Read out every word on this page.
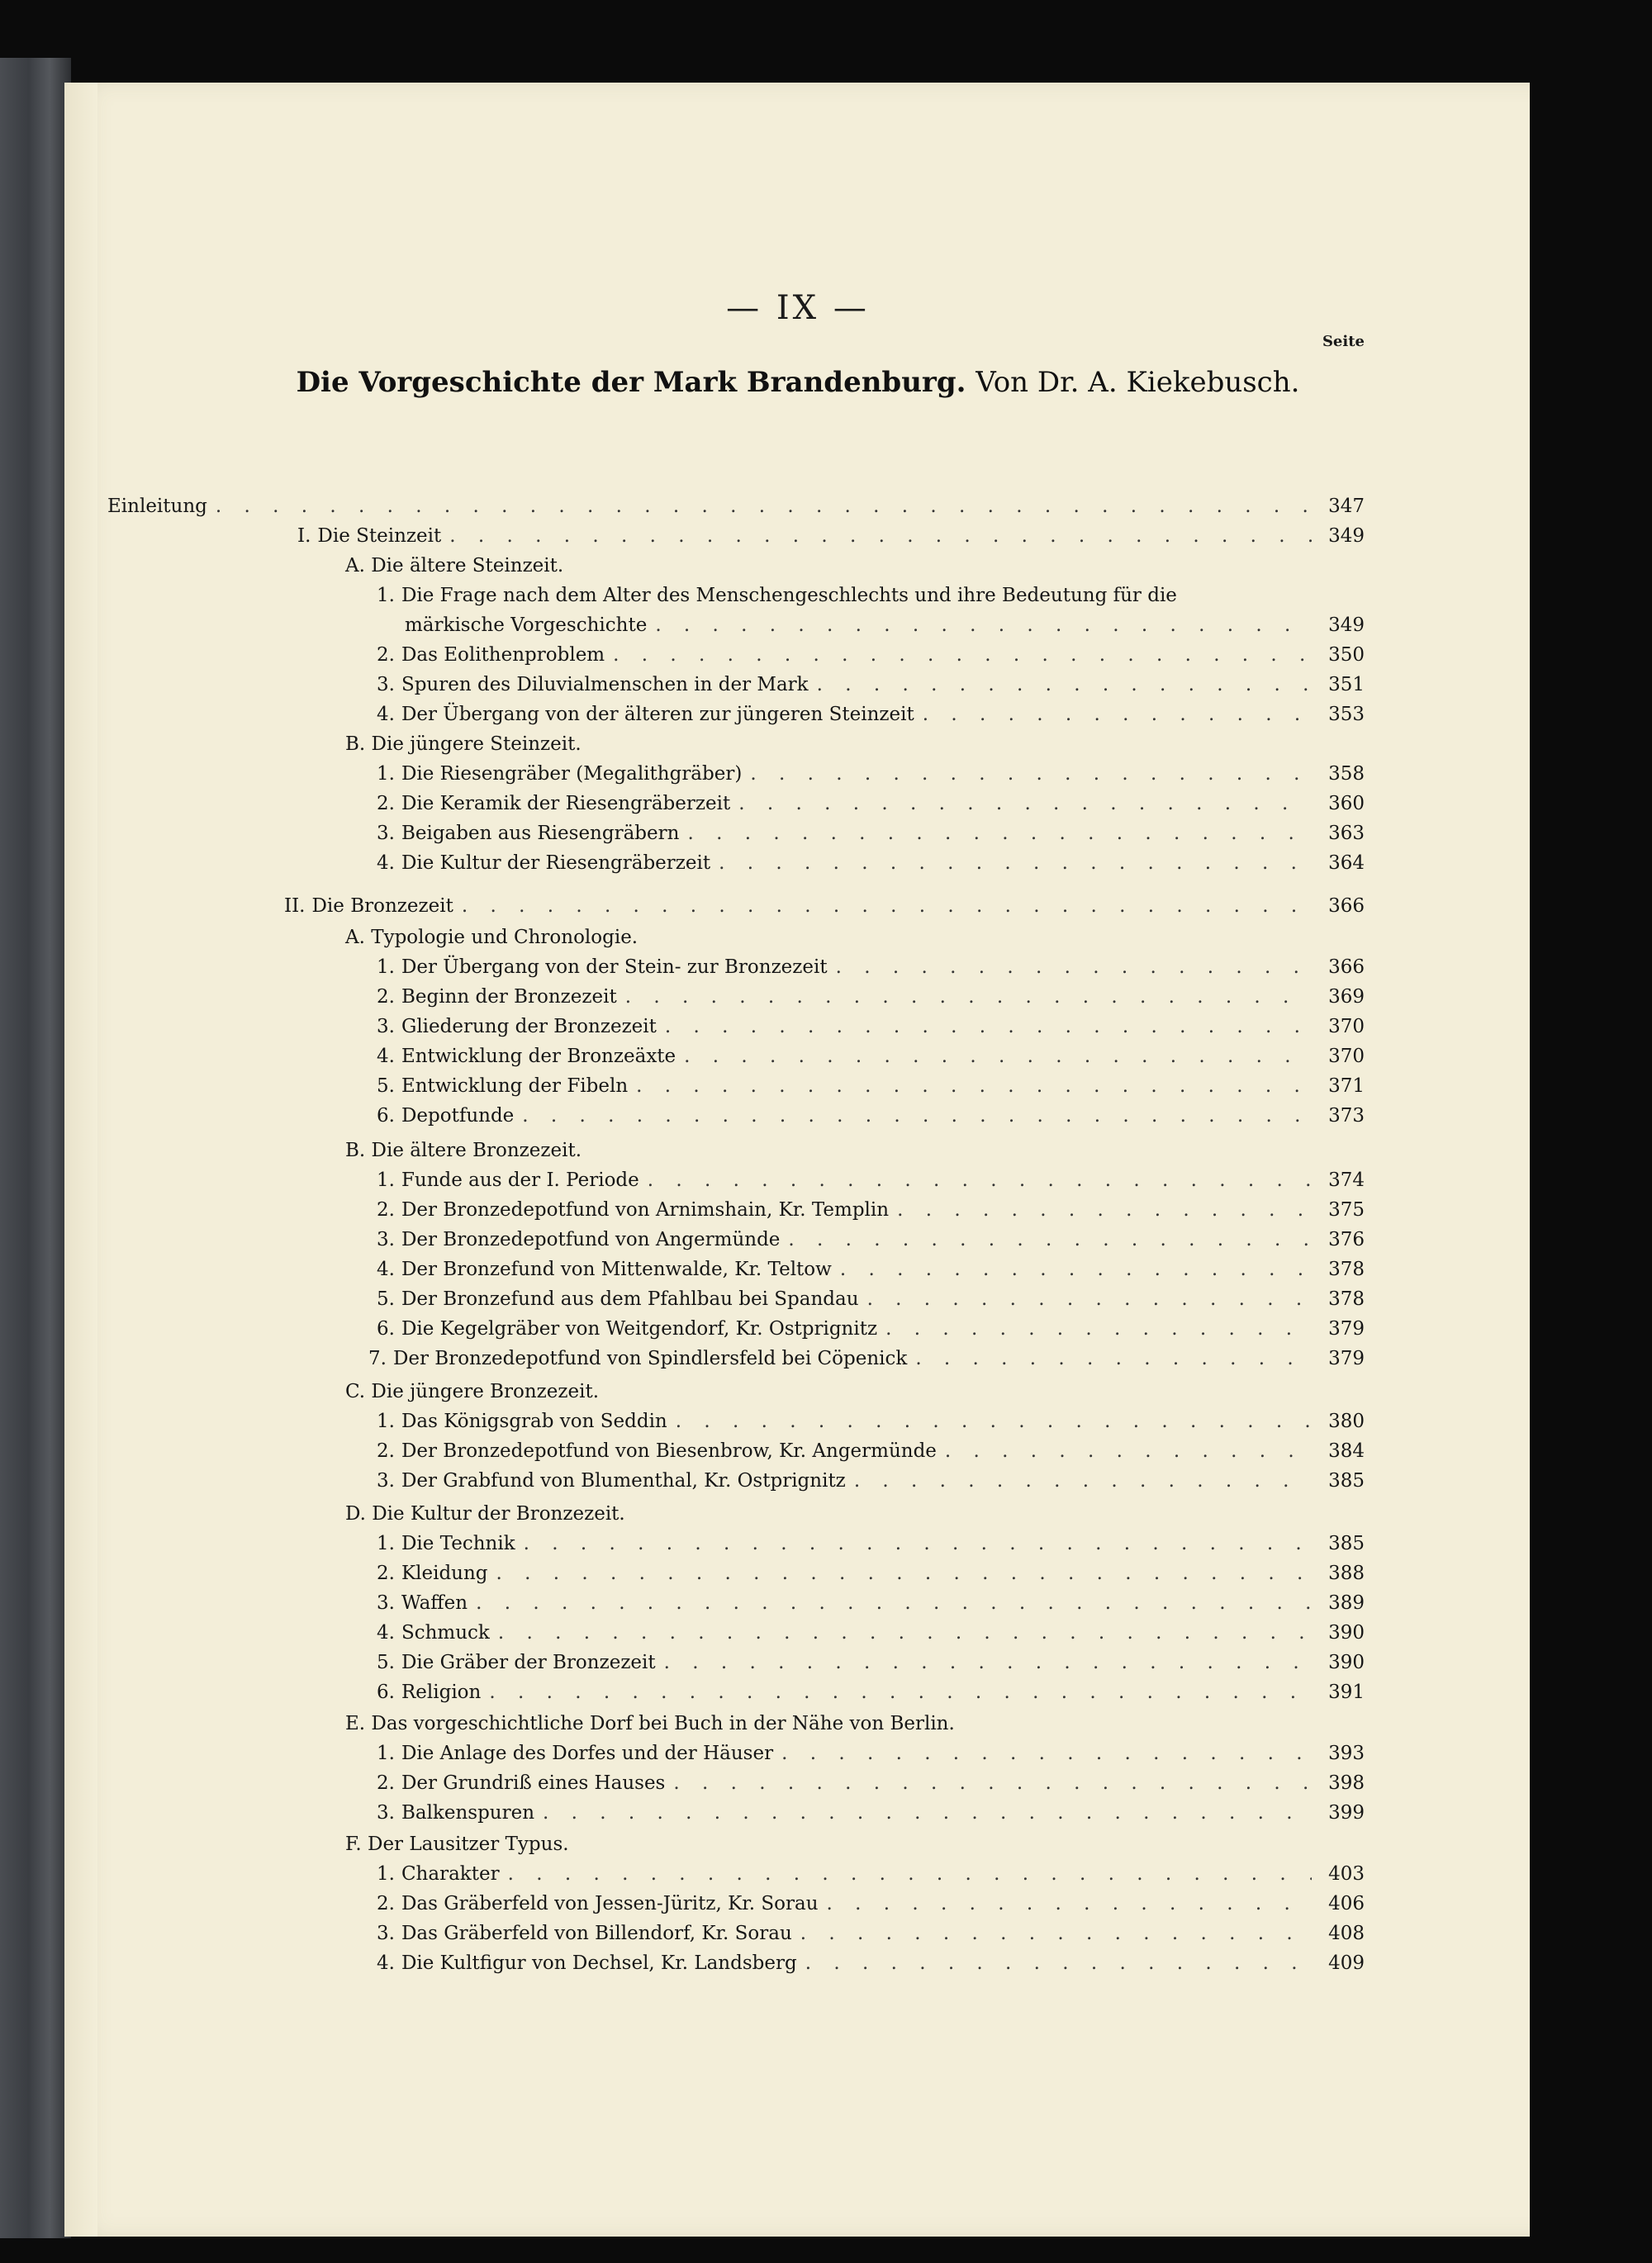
— IX —
Seite
Die Vorgeschichte der Mark Brandenburg. Von Dr. A. Kiekebusch.
Einleitung . . .	347
I. Die Steinzeit . . .	349
A. Die ältere Steinzeit.
1. Die Frage nach dem Alter des Menschengeschlechts und ihre Bedeutung für die
märkische Vorgeschichte . . .	349
2. Das Eolithenproblem . . .	350
3. Spuren des Diluvialmenschen in der Mark . . .	351
4. Der Übergang von der älteren zur jüngeren Steinzeit . . .	353
B. Die jüngere Steinzeit.
1. Die Riesengräber (Megalithgräber) . . .	358
2. Die Keramik der Riesengräberzeit . . .	360
3. Beigaben aus Riesengräbern . . .	363
4. Die Kultur der Riesengräberzeit . . .	364
II. Die Bronzezeit . . .	366
A. Typologie und Chronologie.
1. Der Übergang von der Stein- zur Bronzezeit . . .	366
2. Beginn der Bronzezeit . . .	369
3. Gliederung der Bronzezeit . . .	370
4. Entwicklung der Bronzeäxte . . .	370
5. Entwicklung der Fibeln . . .	371
6. Depotfunde . . .	373
B. Die ältere Bronzezeit.
1. Funde aus der I. Periode . . .	374
2. Der Bronzedepotfund von Arnimshain, Kr. Templin . . .	375
3. Der Bronzedepotfund von Angermünde . . .	376
4. Der Bronzefund von Mittenwalde, Kr. Teltow . . .	378
5. Der Bronzefund aus dem Pfahlbau bei Spandau . . .	378
6. Die Kegelgräber von Weitgendorf, Kr. Ostprignitz . . .	379
7. Der Bronzedepotfund von Spindlersfeld bei Cöpenick . . .	379
C. Die jüngere Bronzezeit.
1. Das Königsgrab von Seddin . . .	380
2. Der Bronzedepotfund von Biesenbrow, Kr. Angermünde . . .	384
3. Der Grabfund von Blumenthal, Kr. Ostprignitz . . .	385
D. Die Kultur der Bronzezeit.
1. Die Technik . . .	385
2. Kleidung . . .	388
3. Waffen . . .	389
4. Schmuck . . .	390
5. Die Gräber der Bronzezeit . . .	390
6. Religion . . .	391
E. Das vorgeschichtliche Dorf bei Buch in der Nähe von Berlin.
1. Die Anlage des Dorfes und der Häuser . . .	393
2. Der Grundriß eines Hauses . . .	398
3. Balkenspuren . . .	399
F. Der Lausitzer Typus.
1. Charakter . . .	403
2. Das Gräberfeld von Jessen-Jüritz, Kr. Sorau . . .	406
3. Das Gräberfeld von Billendorf, Kr. Sorau . . .	408
4. Die Kultfigur von Dechsel, Kr. Landsberg . . .	409
